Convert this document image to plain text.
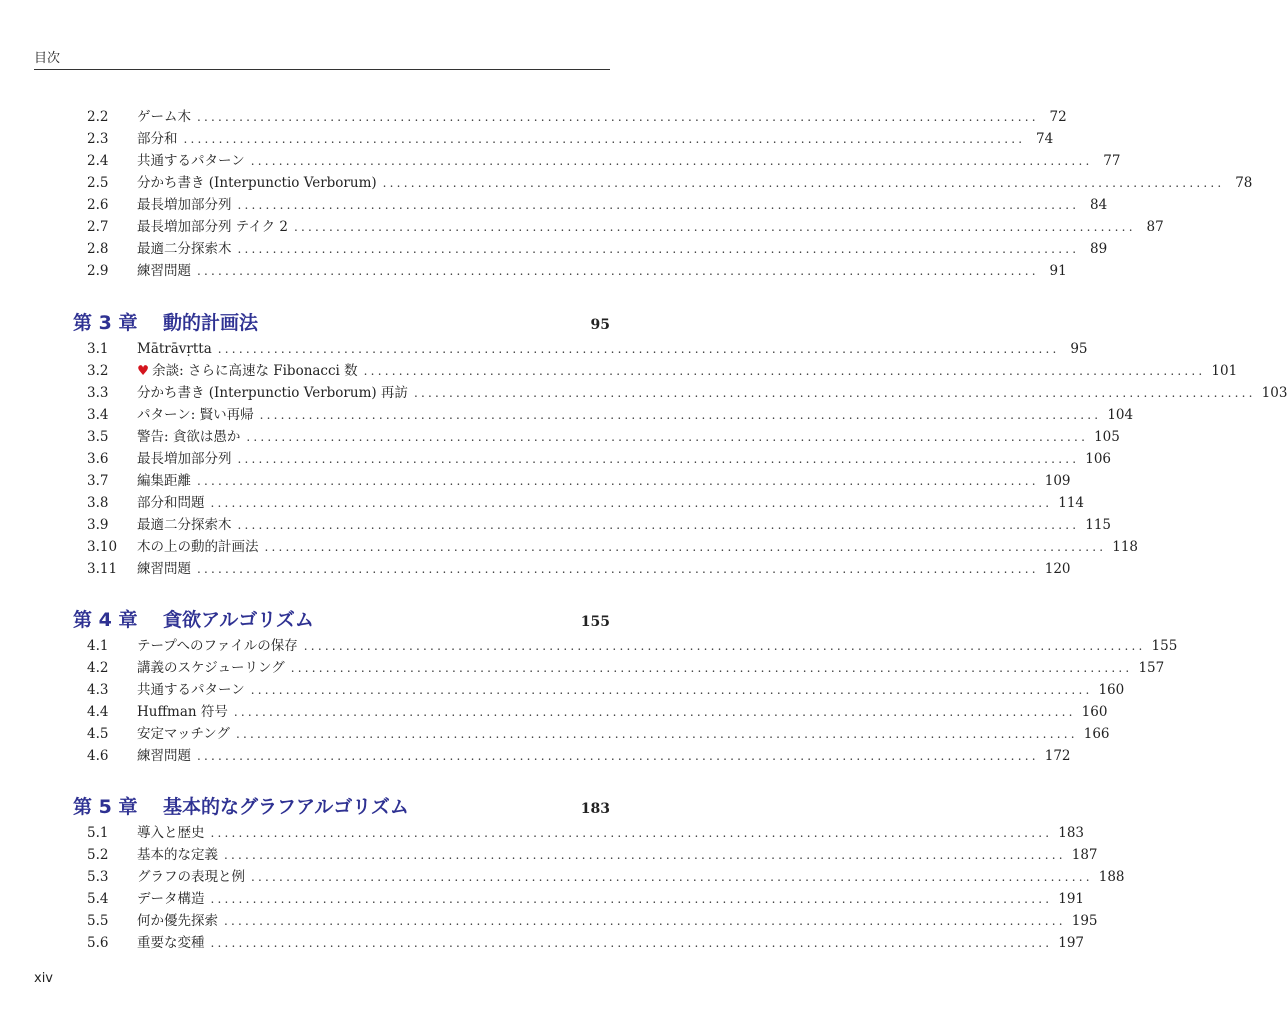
目次
2.2	ゲーム木 ........................................................................................................................ 72
2.3	部分和 ........................................................................................................................ 74
2.4	共通するパターン ........................................................................................................................ 77
2.5	分かち書き (Interpunctio Verborum) ........................................................................................................................ 78
2.6	最長増加部分列 ........................................................................................................................ 84
2.7	最長増加部分列 テイク 2 ........................................................................................................................ 87
2.8	最適二分探索木 ........................................................................................................................ 89
2.9	練習問題 ........................................................................................................................ 91
第 3 章	動的計画法	95
3.1	Mātrāvṛtta ........................................................................................................................ 95
3.2	♥ 余談: さらに高速な Fibonacci 数 ........................................................................................................................ 101
3.3	分かち書き (Interpunctio Verborum) 再訪 ........................................................................................................................ 103
3.4	パターン: 賢い再帰 ........................................................................................................................ 104
3.5	警告: 貪欲は愚か ........................................................................................................................ 105
3.6	最長増加部分列 ........................................................................................................................ 106
3.7	編集距離 ........................................................................................................................ 109
3.8	部分和問題 ........................................................................................................................ 114
3.9	最適二分探索木 ........................................................................................................................ 115
3.10	木の上の動的計画法 ........................................................................................................................ 118
3.11	練習問題 ........................................................................................................................ 120
第 4 章	貪欲アルゴリズム	155
4.1	テープへのファイルの保存 ........................................................................................................................ 155
4.2	講義のスケジューリング ........................................................................................................................ 157
4.3	共通するパターン ........................................................................................................................ 160
4.4	Huffman 符号 ........................................................................................................................ 160
4.5	安定マッチング ........................................................................................................................ 166
4.6	練習問題 ........................................................................................................................ 172
第 5 章	基本的なグラフアルゴリズム	183
5.1	導入と歴史 ........................................................................................................................ 183
5.2	基本的な定義 ........................................................................................................................ 187
5.3	グラフの表現と例 ........................................................................................................................ 188
5.4	データ構造 ........................................................................................................................ 191
5.5	何か優先探索 ........................................................................................................................ 195
5.6	重要な変種 ........................................................................................................................ 197
xiv
